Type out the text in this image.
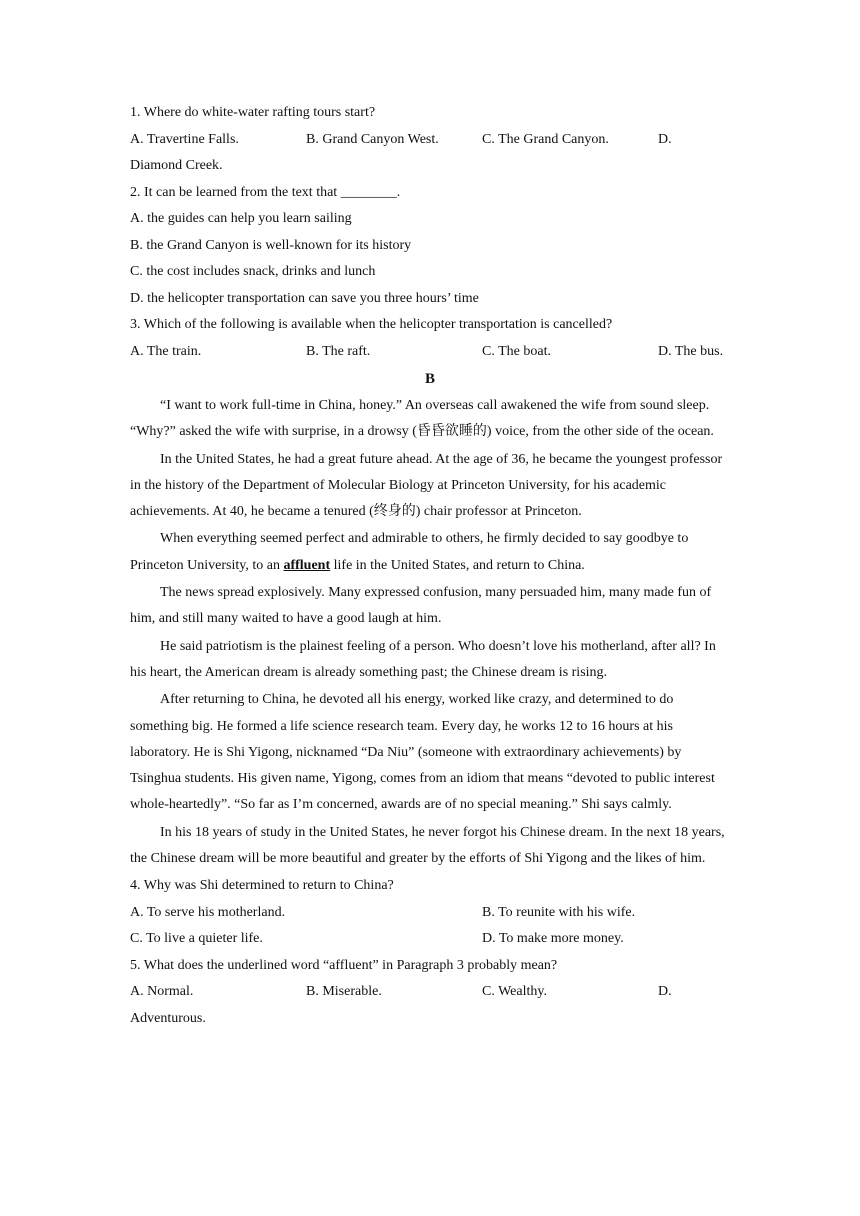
1. Where do white-water rafting tours start?
A. Travertine Falls.	B. Grand Canyon West.	C. The Grand Canyon.	D.
Diamond Creek.
2. It can be learned from the text that ________.
A. the guides can help you learn sailing
B. the Grand Canyon is well-known for its history
C. the cost includes snack, drinks and lunch
D. the helicopter transportation can save you three hours’ time
3. Which of the following is available when the helicopter transportation is cancelled?
A. The train.	B. The raft.	C. The boat.	D. The bus.
B

“I want to work full-time in China, honey.” An overseas call awakened the wife from sound sleep. “Why?” asked the wife with surprise, in a drowsy (昏昏欲睡的) voice, from the other side of the ocean.

In the United States, he had a great future ahead. At the age of 36, he became the youngest professor in the history of the Department of Molecular Biology at Princeton University, for his academic achievements. At 40, he became a tenured (终身的) chair professor at Princeton.

When everything seemed perfect and admirable to others, he firmly decided to say goodbye to Princeton University, to an affluent life in the United States, and return to China.

The news spread explosively. Many expressed confusion, many persuaded him, many made fun of him, and still many waited to have a good laugh at him.

He said patriotism is the plainest feeling of a person. Who doesn’t love his motherland, after all? In his heart, the American dream is already something past; the Chinese dream is rising.

After returning to China, he devoted all his energy, worked like crazy, and determined to do something big. He formed a life science research team. Every day, he works 12 to 16 hours at his laboratory. He is Shi Yigong, nicknamed “Da Niu” (someone with extraordinary achievements) by Tsinghua students. His given name, Yigong, comes from an idiom that means “devoted to public interest whole-heartedly”. “So far as I’m concerned, awards are of no special meaning.” Shi says calmly.

In his 18 years of study in the United States, he never forgot his Chinese dream. In the next 18 years, the Chinese dream will be more beautiful and greater by the efforts of Shi Yigong and the likes of him.

4. Why was Shi determined to return to China?
A. To serve his motherland.	B. To reunite with his wife.
C. To live a quieter life.	D. To make more money.
5. What does the underlined word “affluent” in Paragraph 3 probably mean?
A. Normal.	B. Miserable.	C. Wealthy.	D.
Adventurous.
